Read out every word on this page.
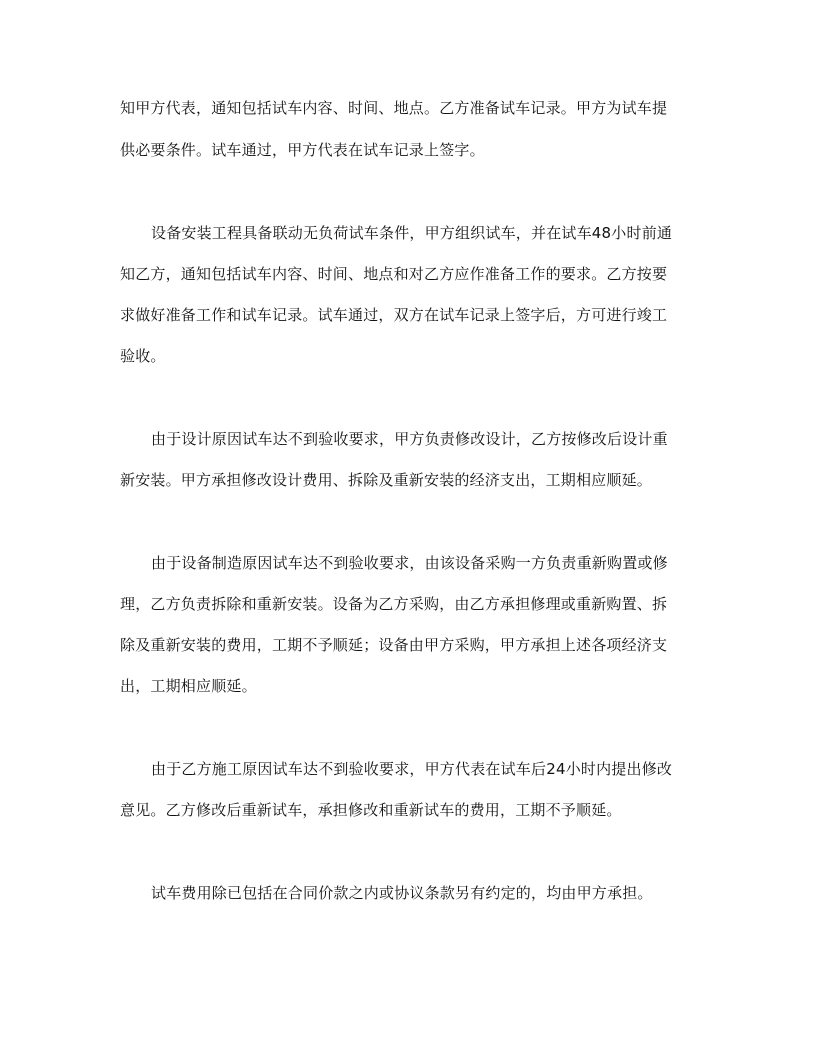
知甲方代表，通知包括试车内容、时间、地点。乙方准备试车记录。甲方为试车提
供必要条件。试车通过，甲方代表在试车记录上签字。
设备安装工程具备联动无负荷试车条件，甲方组织试车，并在试车48小时前通
知乙方，通知包括试车内容、时间、地点和对乙方应作准备工作的要求。乙方按要
求做好准备工作和试车记录。试车通过，双方在试车记录上签字后，方可进行竣工
验收。
由于设计原因试车达不到验收要求，甲方负责修改设计，乙方按修改后设计重
新安装。甲方承担修改设计费用、拆除及重新安装的经济支出，工期相应顺延。
由于设备制造原因试车达不到验收要求，由该设备采购一方负责重新购置或修
理，乙方负责拆除和重新安装。设备为乙方采购，由乙方承担修理或重新购置、拆
除及重新安装的费用，工期不予顺延；设备由甲方采购，甲方承担上述各项经济支
出，工期相应顺延。
由于乙方施工原因试车达不到验收要求，甲方代表在试车后24小时内提出修改
意见。乙方修改后重新试车，承担修改和重新试车的费用，工期不予顺延。
试车费用除已包括在合同价款之内或协议条款另有约定的，均由甲方承担。
